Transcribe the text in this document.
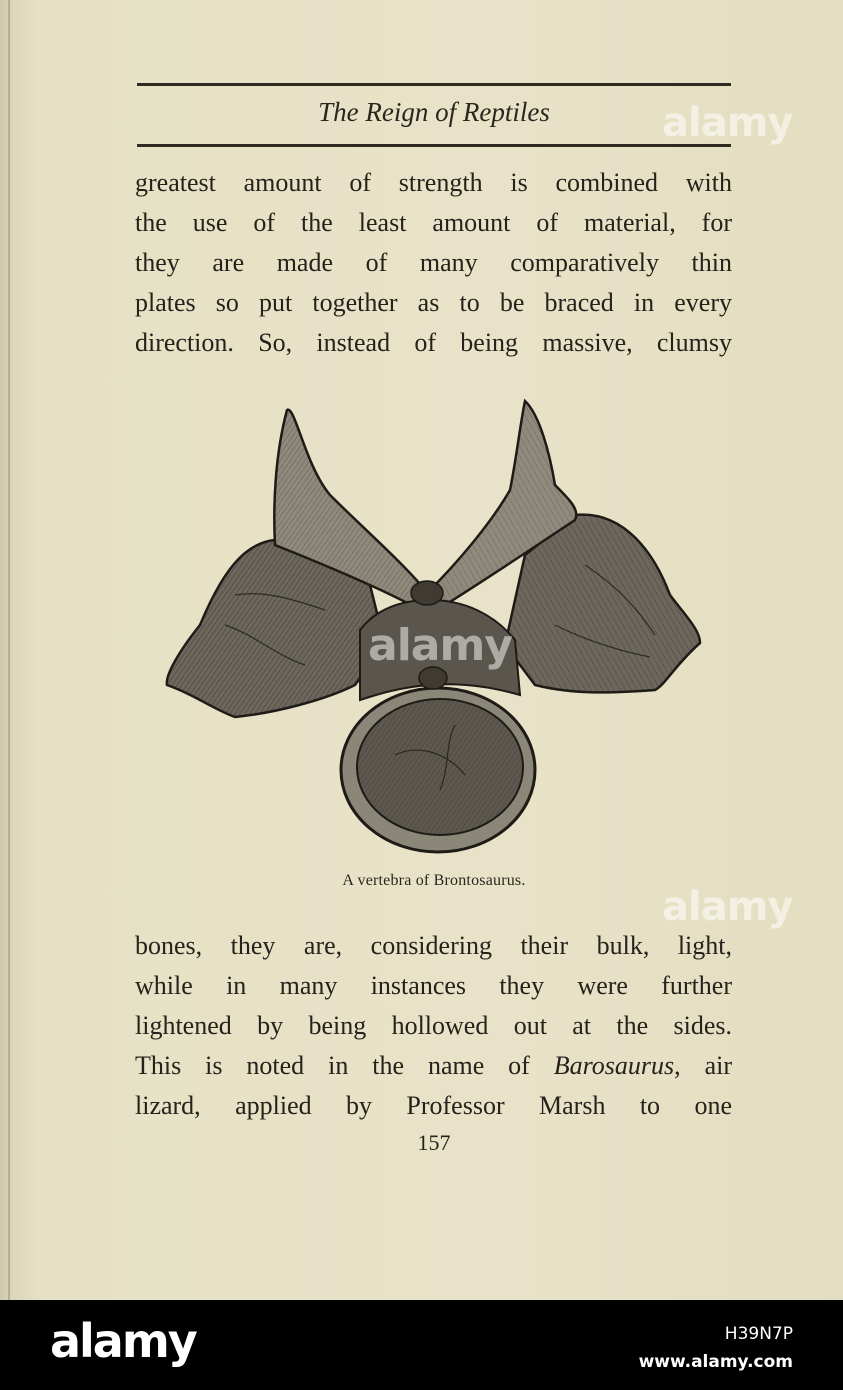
The Reign of Reptiles
greatest amount of strength is combined with
the use of the least amount of material, for
they are made of many comparatively thin
plates so put together as to be braced in every
direction. So, instead of being massive, clumsy
A vertebra of Brontosaurus.
bones, they are, considering their bulk, light,
while in many instances they were further
lightened by being hollowed out at the sides.
This is noted in the name of Barosaurus, air
lizard, applied by Professor Marsh to one
157
alamy
alamy
alamy
alamy	H39N7P
www.alamy.com
